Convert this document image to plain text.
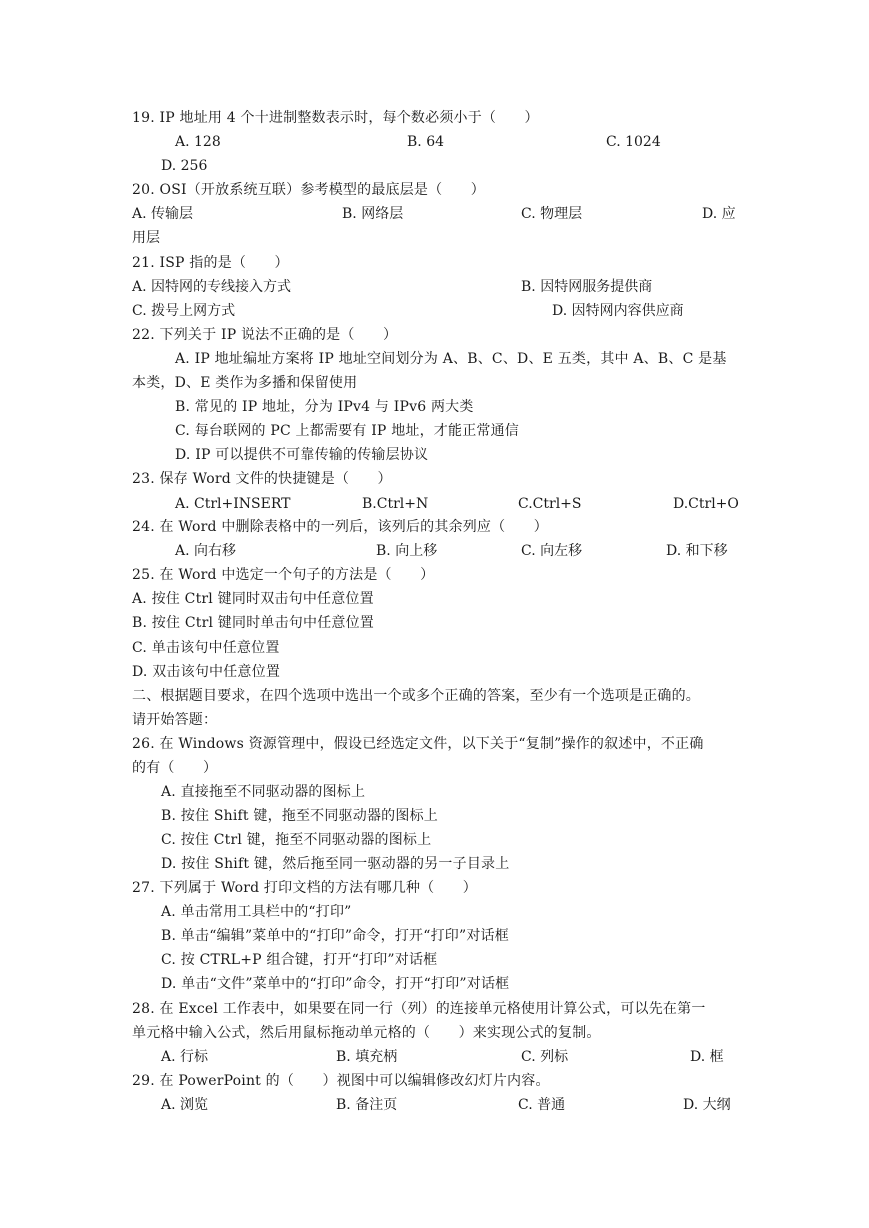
19. IP 地址用 4 个十进制整数表示时，每个数必须小于（　　）
A. 128	B. 64	C. 1024
D. 256
20. OSI（开放系统互联）参考模型的最底层是（　　）
A. 传输层	B. 网络层	C. 物理层	D. 应
用层
21. ISP 指的是（　　）
A. 因特网的专线接入方式	B. 因特网服务提供商
C. 拨号上网方式	D. 因特网内容供应商
22. 下列关于 IP 说法不正确的是（　　）
A. IP 地址编址方案将 IP 地址空间划分为 A、B、C、D、E 五类，其中 A、B、C 是基
本类，D、E 类作为多播和保留使用
B. 常见的 IP 地址，分为 IPv4 与 IPv6 两大类
C. 每台联网的 PC 上都需要有 IP 地址，才能正常通信
D. IP 可以提供不可靠传输的传输层协议
23. 保存 Word 文件的快捷键是（　　）
A. Ctrl+INSERT	B.Ctrl+N	C.Ctrl+S	D.Ctrl+O
24. 在 Word 中删除表格中的一列后，该列后的其余列应（　　）
A. 向右移	B. 向上移	C. 向左移	D. 和下移
25. 在 Word 中选定一个句子的方法是（　　）
A. 按住 Ctrl 键同时双击句中任意位置
B. 按住 Ctrl 键同时单击句中任意位置
C. 单击该句中任意位置
D. 双击该句中任意位置
二、根据题目要求，在四个选项中选出一个或多个正确的答案，至少有一个选项是正确的。
请开始答题：
26. 在 Windows 资源管理中，假设已经选定文件，以下关于“复制”操作的叙述中，不正确
的有（　　）
A. 直接拖至不同驱动器的图标上
B. 按住 Shift 键，拖至不同驱动器的图标上
C. 按住 Ctrl 键，拖至不同驱动器的图标上
D. 按住 Shift 键，然后拖至同一驱动器的另一子目录上
27. 下列属于 Word 打印文档的方法有哪几种（　　）
A. 单击常用工具栏中的“打印”
B. 单击“编辑”菜单中的“打印”命令，打开“打印”对话框
C. 按 CTRL+P 组合键，打开“打印”对话框
D. 单击“文件”菜单中的“打印”命令，打开“打印”对话框
28. 在 Excel 工作表中，如果要在同一行（列）的连接单元格使用计算公式，可以先在第一
单元格中输入公式，然后用鼠标拖动单元格的（　　）来实现公式的复制。
A. 行标	B. 填充柄	C. 列标	D. 框
29. 在 PowerPoint 的（　　）视图中可以编辑修改幻灯片内容。
A. 浏览	B. 备注页	C. 普通	D. 大纲
